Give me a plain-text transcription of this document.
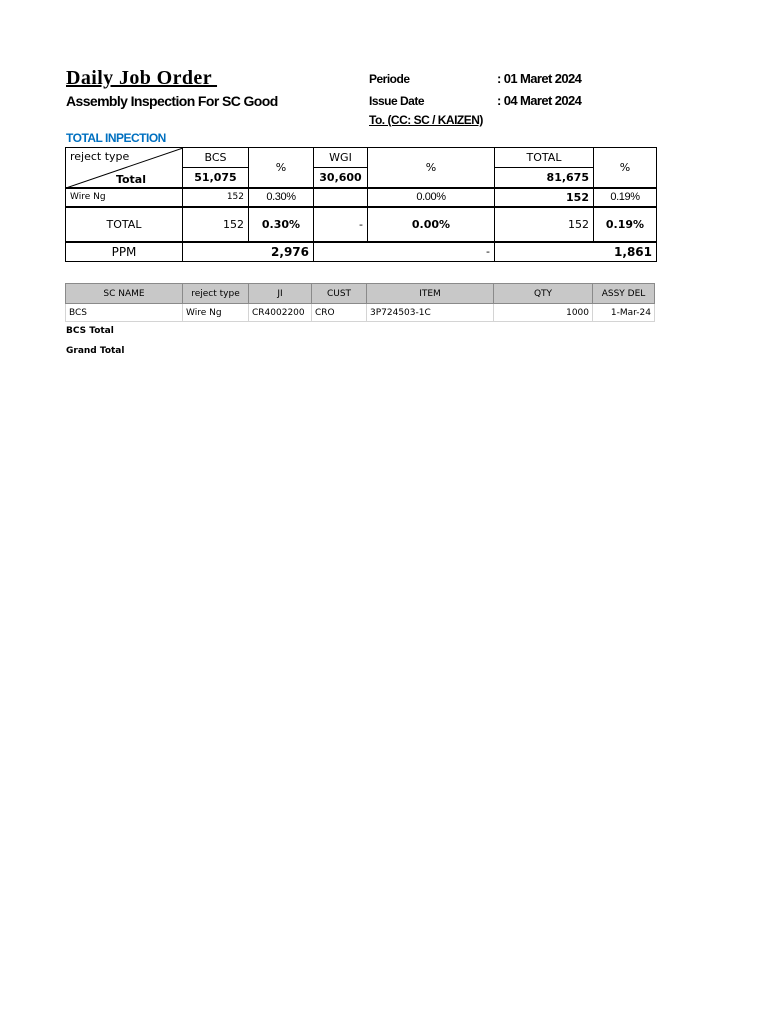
Daily Job Order
Assembly Inspection For SC Good
Periode	: 01 Maret 2024
Issue Date	: 04 Maret 2024
To. (CC: SC / KAIZEN)
TOTAL INPECTION
reject type
Total	BCS	%	WGI	%	TOTAL	%
	51,075		30,600		81,675	
Wire Ng	152	0.30%		0.00%	152	0.19%
TOTAL	152	0.30%	-	0.00%	152	0.19%
PPM	2,976		-		1,861	
SC NAME	reject type	JI	CUST	ITEM	QTY	ASSY DEL
BCS	Wire Ng	CR4002200	CRO	3P724503-1C	1000	1-Mar-24
BCS Total
Grand Total
